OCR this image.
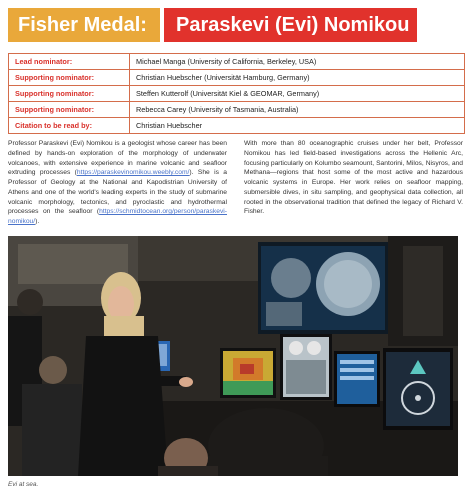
Fisher Medal:	Paraskevi (Evi) Nomikou
Lead nominator:	Michael Manga (University of California, Berkeley, USA)
Supporting nominator:	Christian Huebscher (Universität Hamburg, Germany)
Supporting nominator:	Steffen Kutterolf (Universität Kiel & GEOMAR, Germany)
Supporting nominator:	Rebecca Carey (University of Tasmania, Australia)
Citation to be read by:	Christian Huebscher
Professor Paraskevi (Evi) Nomikou is a geologist whose career has been defined by hands-on exploration of the morphology of underwater volcanoes, with extensive experience in marine volcanic and seafloor extruding processes (https://paraskevinomikou.weebly.com/). She is a Professor of Geology at the National and Kapodistrian University of Athens and one of the world's leading experts in the study of submarine volcanic morphology, tectonics, and pyroclastic and hydrothermal processes on the seafloor (https://schmidtocean.org/person/paraskevi-nomikou/).
With more than 80 oceanographic cruises under her belt, Professor Nomikou has led field-based investigations across the Hellenic Arc, focusing particularly on Kolumbo seamount, Santorini, Milos, Nisyros, and Methana—regions that host some of the most active and hazardous volcanic systems in Europe. Her work relies on seafloor mapping, submersible dives, in situ sampling, and geophysical data collection, all rooted in the observational tradition that defined the legacy of Richard V. Fisher.
Evi at sea.
